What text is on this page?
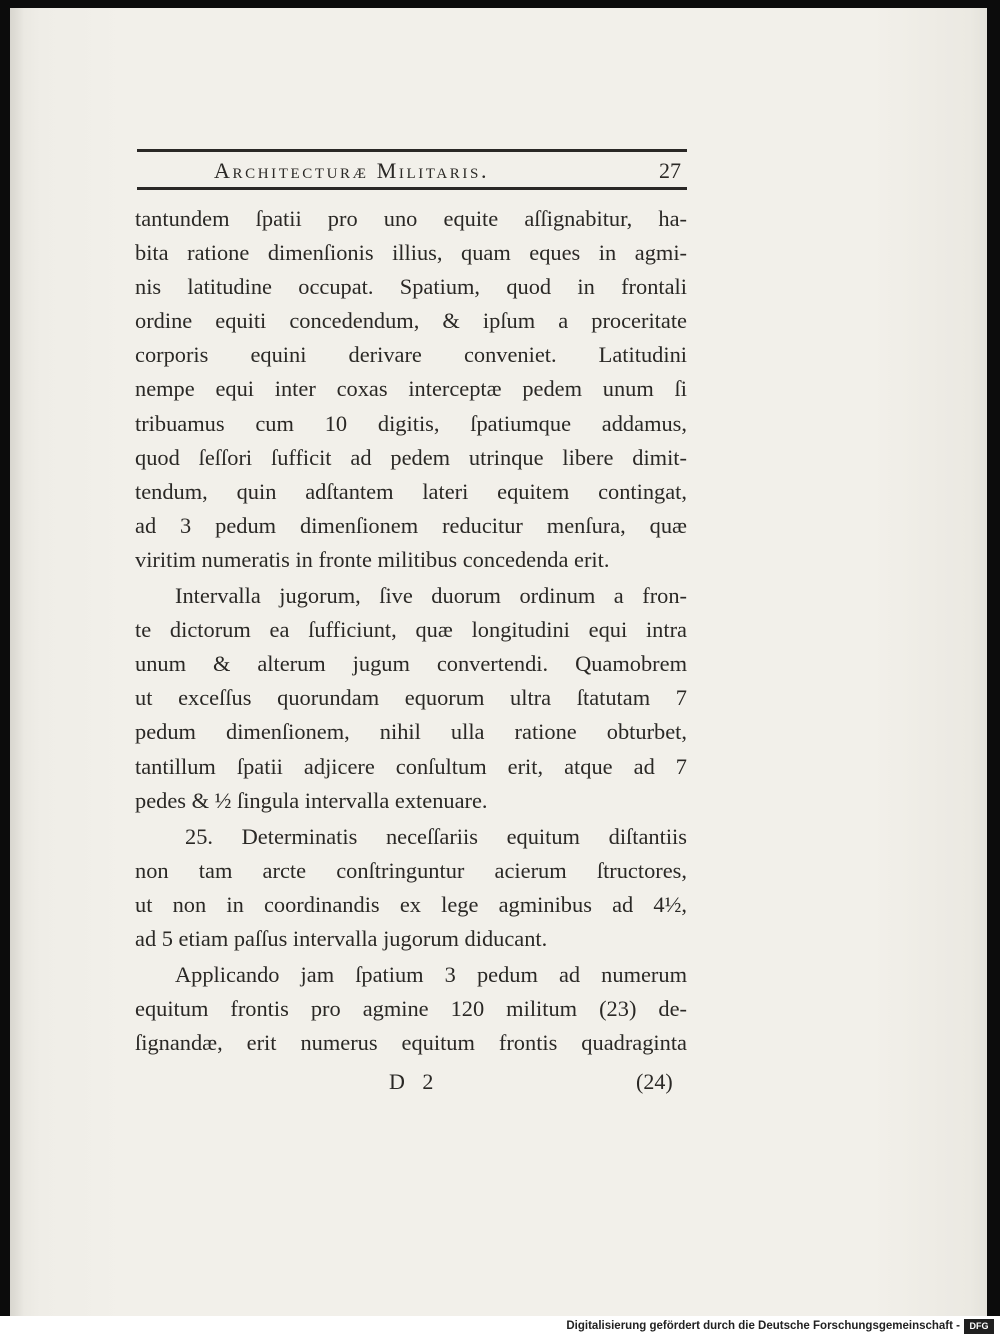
Architecturæ Militaris.	27
tantundem ſpatii pro uno equite aſſignabitur, ha-
bita ratione dimenſionis illius, quam eques in agmi-
nis latitudine occupat. Spatium, quod in frontali
ordine equiti concedendum, & ipſum a proceritate
corporis equini derivare conveniet. Latitudini
nempe equi inter coxas interceptæ pedem unum ſi
tribuamus cum 10 digitis, ſpatiumque addamus,
quod ſeſſori ſufficit ad pedem utrinque libere dimit-
tendum, quin adſtantem lateri equitem contingat,
ad 3 pedum dimenſionem reducitur menſura, quæ
viritim numeratis in fronte militibus concedenda erit.
Intervalla jugorum, ſive duorum ordinum a fron-
te dictorum ea ſufficiunt, quæ longitudini equi intra
unum & alterum jugum convertendi. Quamobrem
ut exceſſus quorundam equorum ultra ſtatutam 7
pedum dimenſionem, nihil ulla ratione obturbet,
tantillum ſpatii adjicere conſultum erit, atque ad 7
pedes & ½ ſingula intervalla extenuare.
25. Determinatis neceſſariis equitum diſtantiis
non tam arcte conſtringuntur acierum ſtructores,
ut non in coordinandis ex lege agminibus ad 4½,
ad 5 etiam paſſus intervalla jugorum diducant.
Applicando jam ſpatium 3 pedum ad numerum
equitum frontis pro agmine 120 militum (23) de-
ſignandæ, erit numerus equitum frontis quadraginta
D 2	(24)
Digitalisierung gefördert durch die Deutsche Forschungsgemeinschaft -	DFG
